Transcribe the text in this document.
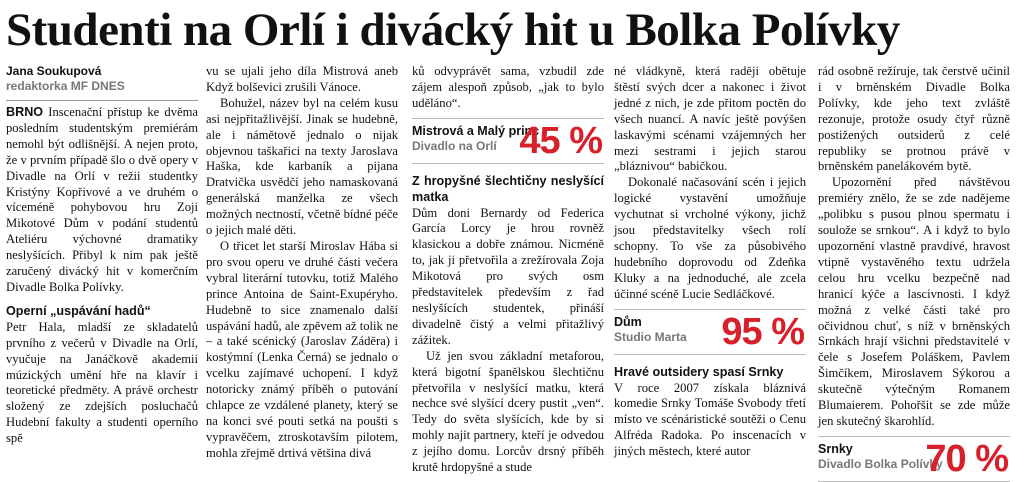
Studenti na Orlí i divácký hit u Bolka Polívky
Jana Soukupová
redaktorka MF DNES

BRNO Inscenační přístup ke dvěma posledním studentským premiérám nemohl být odlišnější. A nejen proto, že v prvním případě šlo o dvě opery v Divadle na Orlí v režii studentky Kristýny Kopřivové a ve druhém o víceméně pohybovou hru Zoji Mikotové Dům v podání studentů Ateliéru výchovné dramatiky neslyšících. Přibyl k nim pak ještě zaručený divácký hit v komerčním Divadle Bolka Polívky.

Operní „uspávání hadů“

Petr Hala, mladší ze skladatelů prvního z večerů v Divadle na Orlí, vyučuje na Janáčkově akademii múzických umění hře na klavír i teoretické předměty. A právě orchestr složený ze zdejších posluchačů Hudební fakulty a studenti operního spě

vu se ujali jeho díla Mistrová aneb Když bolševici zrušili Vánoce.

Bohužel, název byl na celém kusu asi nejpřitažlivější. Jinak se hudebně, ale i námětově jednalo o nijak objevnou taškařici na texty Jaroslava Haška, kde karbaník a pijana Dratvička usvědčí jeho namaskovaná generálská manželka ze všech možných nectností, včetně bídné péče o jejich malé děti.

O třicet let starší Miroslav Hába si pro svou operu ve druhé části večera vybral literární tutovku, totiž Malého prince Antoina de Saint-Exupéryho. Hudebně to sice znamenalo další uspávání hadů, ale zpěvem až tolik ne – a také scénický (Jaroslav Záděra) i kostýmní (Lenka Černá) se jednalo o vcelku zajímavé uchopení. I když notoricky známý příběh o putování chlapce ze vzdálené planety, který se na konci své pouti setká na poušti s vypravěčem, ztroskotavším pilotem, mohla zřejmě drtivá většina divá

ků odvyprávět sama, vzbudil zde zájem alespoň způsob, „jak to bylo uděláno“.

Mistrová a Malý princ
Divadlo na Orlí 45 %
Z hropyšné šlechtičny neslyšící matka

Dům doni Bernardy od Federica García Lorcy je hrou rovněž klasickou a dobře známou. Nicméně to, jak ji přetvořila a zrežírovala Zoja Mikotová pro svých osm představitelek především z řad neslyšících studentek, přináší divadelně čistý a velmi přitažlivý zážitek.

Už jen svou základní metaforou, která bigotní španělskou šlechtičnu přetvořila v neslyšící matku, která nechce své slyšící dcery pustit „ven“. Tedy do světa slyšících, kde by si mohly najít partnery, kteří je odvedou z jejího domu. Lorcův drsný příběh krutě hrdopyšné a stude

né vládkyně, která raději obětuje štěstí svých dcer a nakonec i život jedné z nich, je zde přitom poctěn do všech nuancí. A navíc ještě povýšen laskavými scénami vzájemných her mezi sestrami i jejich starou „bláznivou“ babičkou.

Dokonalé načasování scén i jejich logické vystavění umožňuje vychutnat si vrcholné výkony, jichž jsou představitelky všech rolí schopny. To vše za působivého hudebního doprovodu od Zdeňka Kluky a na jednoduché, ale zcela účinné scéně Lucie Sedláčkové.

Dům
Studio Marta 95 %
Hravé outsidery spasí Srnky

V roce 2007 získala bláznivá komedie Srnky Tomáše Svobody třetí místo ve scénáristické soutěži o Cenu Alfréda Radoka. Po inscenacích v jiných městech, které autor

rád osobně režíruje, tak čerstvě učinil i v brněnském Divadle Bolka Polívky, kde jeho text zvláště rezonuje, protože osudy čtyř různě postižených outsiderů z celé republiky se protnou právě v brněnském panelákovém bytě.

Upozornění před návštěvou premiéry znělo, že se zde nadějeme „polibku s pusou plnou spermatu i soulože se srnkou“. A i když to bylo upozornění vlastně pravdivé, hravost vtipně vystavěného textu udržela celou hru vcelku bezpečně nad hranicí kýče a lascivnosti. I když možná z velké části také pro očividnou chuť, s níž v brněnských Srnkách hrají všichni představitelé v čele s Josefem Poláškem, Pavlem Šimčíkem, Miroslavem Sýkorou a skutečně výtečným Romanem Blumaierem. Pohořšit se zde může jen skutečný škarohlíd.

Srnky
Divadlo Bolka Polívky
70 %
